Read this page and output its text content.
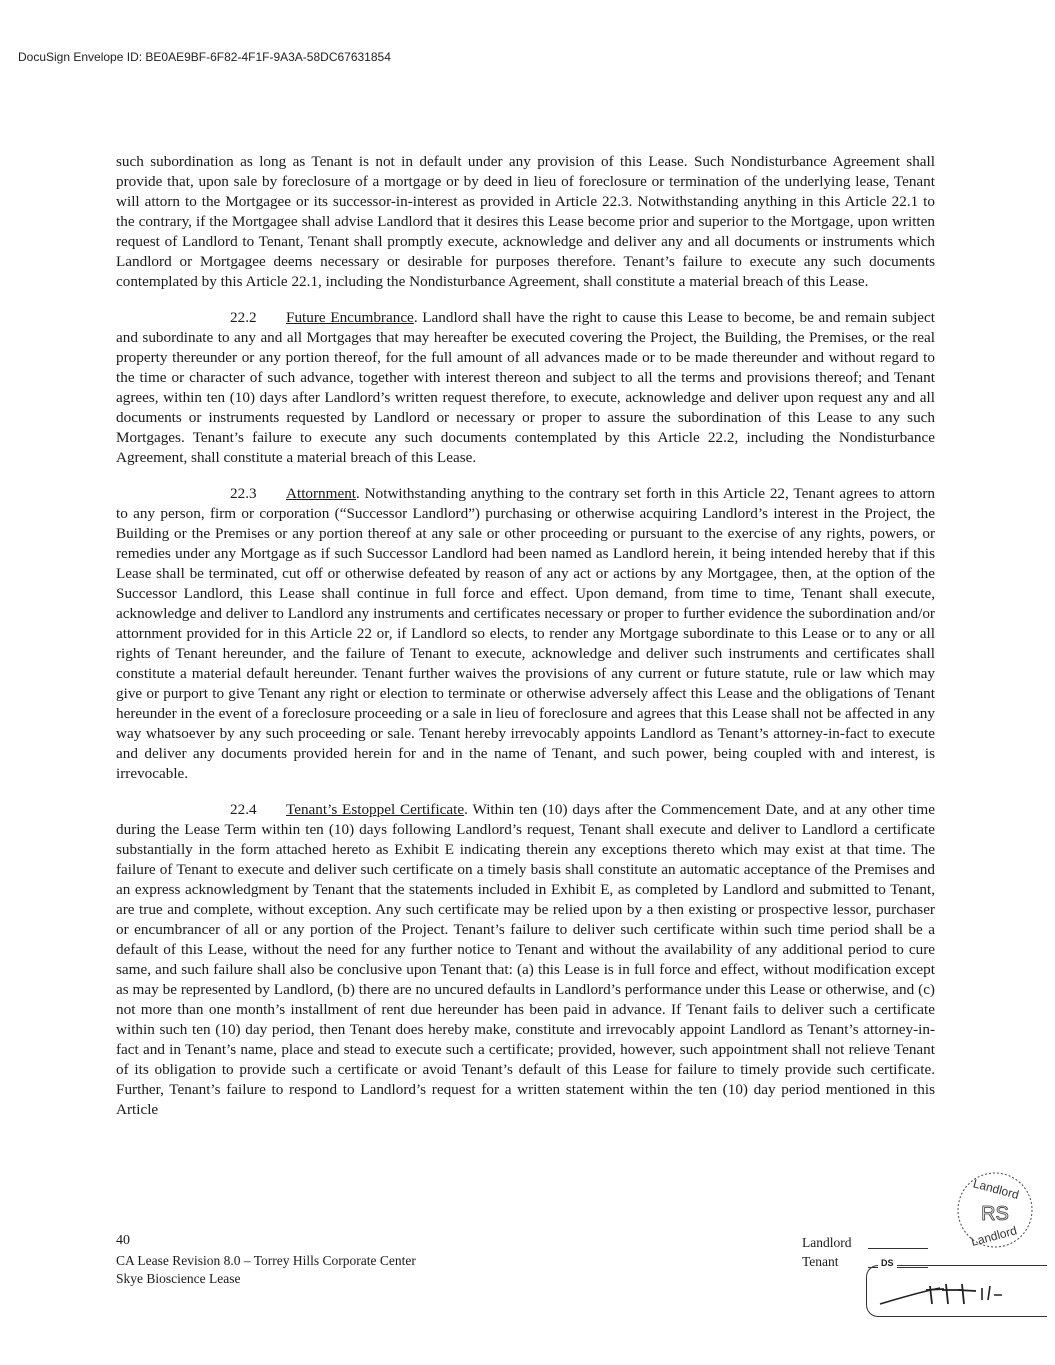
DocuSign Envelope ID: BE0AE9BF-6F82-4F1F-9A3A-58DC67631854

such subordination as long as Tenant is not in default under any provision of this Lease. Such Nondisturbance Agreement shall provide that, upon sale by foreclosure of a mortgage or by deed in lieu of foreclosure or termination of the underlying lease, Tenant will attorn to the Mortgagee or its successor-in-interest as provided in Article 22.3. Notwithstanding anything in this Article 22.1 to the contrary, if the Mortgagee shall advise Landlord that it desires this Lease become prior and superior to the Mortgage, upon written request of Landlord to Tenant, Tenant shall promptly execute, acknowledge and deliver any and all documents or instruments which Landlord or Mortgagee deems necessary or desirable for purposes therefore. Tenant’s failure to execute any such documents contemplated by this Article 22.1, including the Nondisturbance Agreement, shall constitute a material breach of this Lease.

22.2 Future Encumbrance. Landlord shall have the right to cause this Lease to become, be and remain subject and subordinate to any and all Mortgages that may hereafter be executed covering the Project, the Building, the Premises, or the real property thereunder or any portion thereof, for the full amount of all advances made or to be made thereunder and without regard to the time or character of such advance, together with interest thereon and subject to all the terms and provisions thereof; and Tenant agrees, within ten (10) days after Landlord’s written request therefore, to execute, acknowledge and deliver upon request any and all documents or instruments requested by Landlord or necessary or proper to assure the subordination of this Lease to any such Mortgages. Tenant’s failure to execute any such documents contemplated by this Article 22.2, including the Nondisturbance Agreement, shall constitute a material breach of this Lease.

22.3 Attornment. Notwithstanding anything to the contrary set forth in this Article 22, Tenant agrees to attorn to any person, firm or corporation (“Successor Landlord”) purchasing or otherwise acquiring Landlord’s interest in the Project, the Building or the Premises or any portion thereof at any sale or other proceeding or pursuant to the exercise of any rights, powers, or remedies under any Mortgage as if such Successor Landlord had been named as Landlord herein, it being intended hereby that if this Lease shall be terminated, cut off or otherwise defeated by reason of any act or actions by any Mortgagee, then, at the option of the Successor Landlord, this Lease shall continue in full force and effect. Upon demand, from time to time, Tenant shall execute, acknowledge and deliver to Landlord any instruments and certificates necessary or proper to further evidence the subordination and/or attornment provided for in this Article 22 or, if Landlord so elects, to render any Mortgage subordinate to this Lease or to any or all rights of Tenant hereunder, and the failure of Tenant to execute, acknowledge and deliver such instruments and certificates shall constitute a material default hereunder. Tenant further waives the provisions of any current or future statute, rule or law which may give or purport to give Tenant any right or election to terminate or otherwise adversely affect this Lease and the obligations of Tenant hereunder in the event of a foreclosure proceeding or a sale in lieu of foreclosure and agrees that this Lease shall not be affected in any way whatsoever by any such proceeding or sale. Tenant hereby irrevocably appoints Landlord as Tenant’s attorney-in-fact to execute and deliver any documents provided herein for and in the name of Tenant, and such power, being coupled with and interest, is irrevocable.

22.4 Tenant’s Estoppel Certificate. Within ten (10) days after the Commencement Date, and at any other time during the Lease Term within ten (10) days following Landlord’s request, Tenant shall execute and deliver to Landlord a certificate substantially in the form attached hereto as Exhibit E indicating therein any exceptions thereto which may exist at that time. The failure of Tenant to execute and deliver such certificate on a timely basis shall constitute an automatic acceptance of the Premises and an express acknowledgment by Tenant that the statements included in Exhibit E, as completed by Landlord and submitted to Tenant, are true and complete, without exception. Any such certificate may be relied upon by a then existing or prospective lessor, purchaser or encumbrancer of all or any portion of the Project. Tenant’s failure to deliver such certificate within such time period shall be a default of this Lease, without the need for any further notice to Tenant and without the availability of any additional period to cure same, and such failure shall also be conclusive upon Tenant that: (a) this Lease is in full force and effect, without modification except as may be represented by Landlord, (b) there are no uncured defaults in Landlord’s performance under this Lease or otherwise, and (c) not more than one month’s installment of rent due hereunder has been paid in advance. If Tenant fails to deliver such a certificate within such ten (10) day period, then Tenant does hereby make, constitute and irrevocably appoint Landlord as Tenant’s attorney-in-fact and in Tenant’s name, place and stead to execute such a certificate; provided, however, such appointment shall not relieve Tenant of its obligation to provide such a certificate or avoid Tenant’s default of this Lease for failure to timely provide such certificate. Further, Tenant’s failure to respond to Landlord’s request for a written statement within the ten (10) day period mentioned in this Article

40
CA Lease Revision 8.0 – Torrey Hills Corporate Center
Skye Bioscience Lease
Landlord
Tenant
Landlord
RS
Landlord
DS
